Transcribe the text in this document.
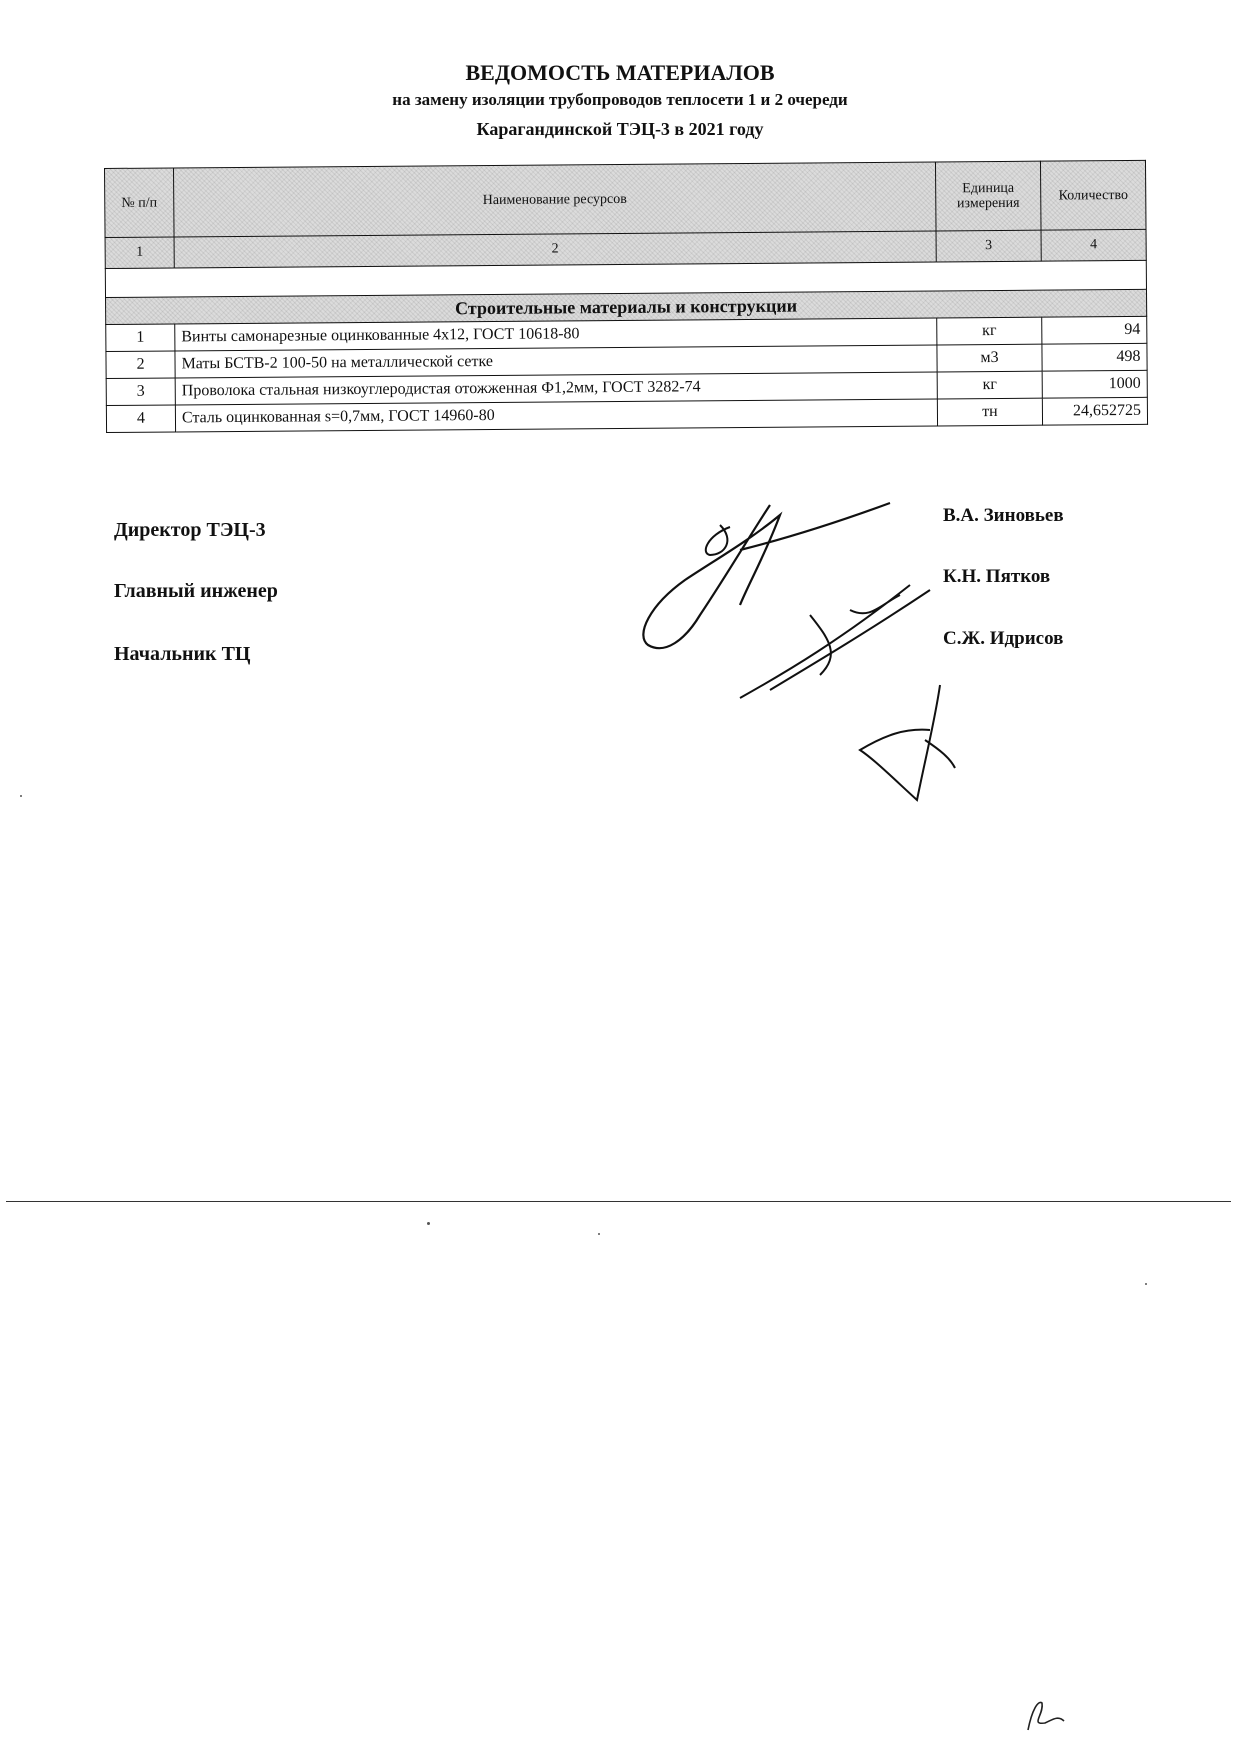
ВЕДОМОСТЬ МАТЕРИАЛОВ
на замену изоляции трубопроводов теплосети 1 и 2 очереди
Карагандинской ТЭЦ-3 в 2021 году
№ п/п	Наименование ресурсов	Единица измерения	Количество
1	2	3	4

Строительные материалы и конструкции			
1	Винты самонарезные оцинкованные 4х12, ГОСТ 10618-80	кг	94
2	Маты БСТВ-2 100-50 на металлической сетке	м3	498
3	Проволока стальная низкоуглеродистая отожженная Ф1,2мм, ГОСТ 3282-74	кг	1000
4	Сталь оцинкованная s=0,7мм, ГОСТ 14960-80	тн	24,652725
Директор ТЭЦ-3
Главный инженер
Начальник ТЦ
В.А. Зиновьев
К.Н. Пятков
С.Ж. Идрисов
